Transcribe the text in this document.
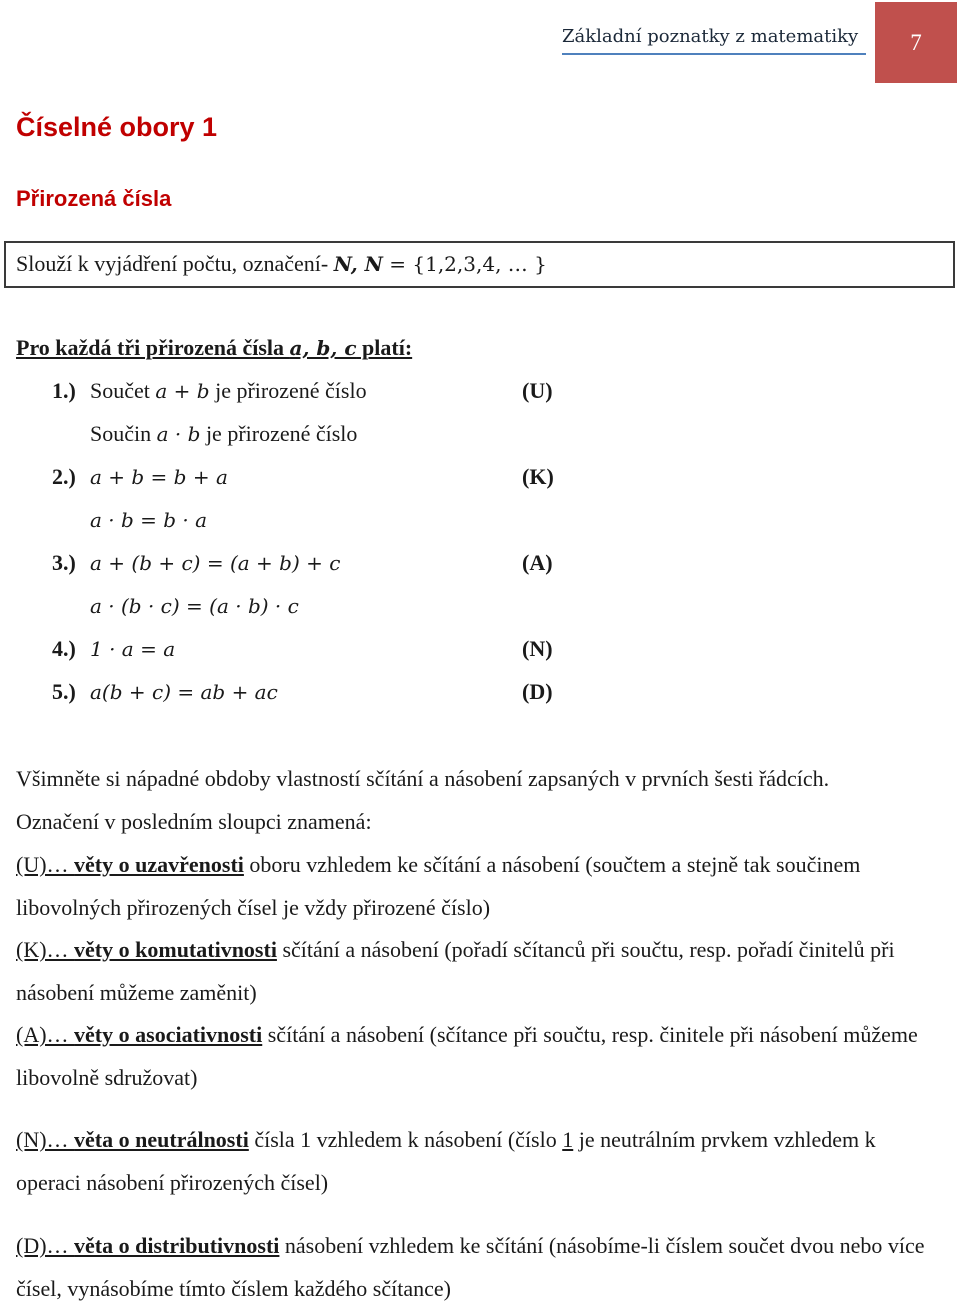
Základní poznatky z matematiky	7
Číselné obory 1
Přirozená čísla
Slouží k vyjádření počtu, označení- N, N = {1,2,3,4, … }
Pro každá tři přirozená čísla a, b, c platí:
1.) Součet a + b je přirozené číslo	(U)
Součin a · b je přirozené číslo
2.) a + b = b + a	(K)
a · b = b · a
3.) a + (b + c) = (a + b) + c	(A)
a · (b · c) = (a · b) · c
4.) 1 · a = a	(N)
5.) a(b + c) = ab + ac	(D)
Všimněte si nápadné obdoby vlastností sčítání a násobení zapsaných v prvních šesti řádcích.
Označení v posledním sloupci znamená:
(U)… věty o uzavřenosti oboru vzhledem ke sčítání a násobení (součtem a stejně tak součinem libovolných přirozených čísel je vždy přirozené číslo)
(K)… věty o komutativnosti sčítání a násobení (pořadí sčítanců při součtu, resp. pořadí činitelů při násobení můžeme zaměnit)
(A)… věty o asociativnosti sčítání a násobení (sčítance při součtu, resp. činitele při násobení můžeme libovolně sdružovat)
(N)… věta o neutrálnosti čísla 1 vzhledem k násobení (číslo 1 je neutrálním prvkem vzhledem k operaci násobení přirozených čísel)
(D)… věta o distributivnosti násobení vzhledem ke sčítání (násobíme-li číslem součet dvou nebo více čísel, vynásobíme tímto číslem každého sčítance)
